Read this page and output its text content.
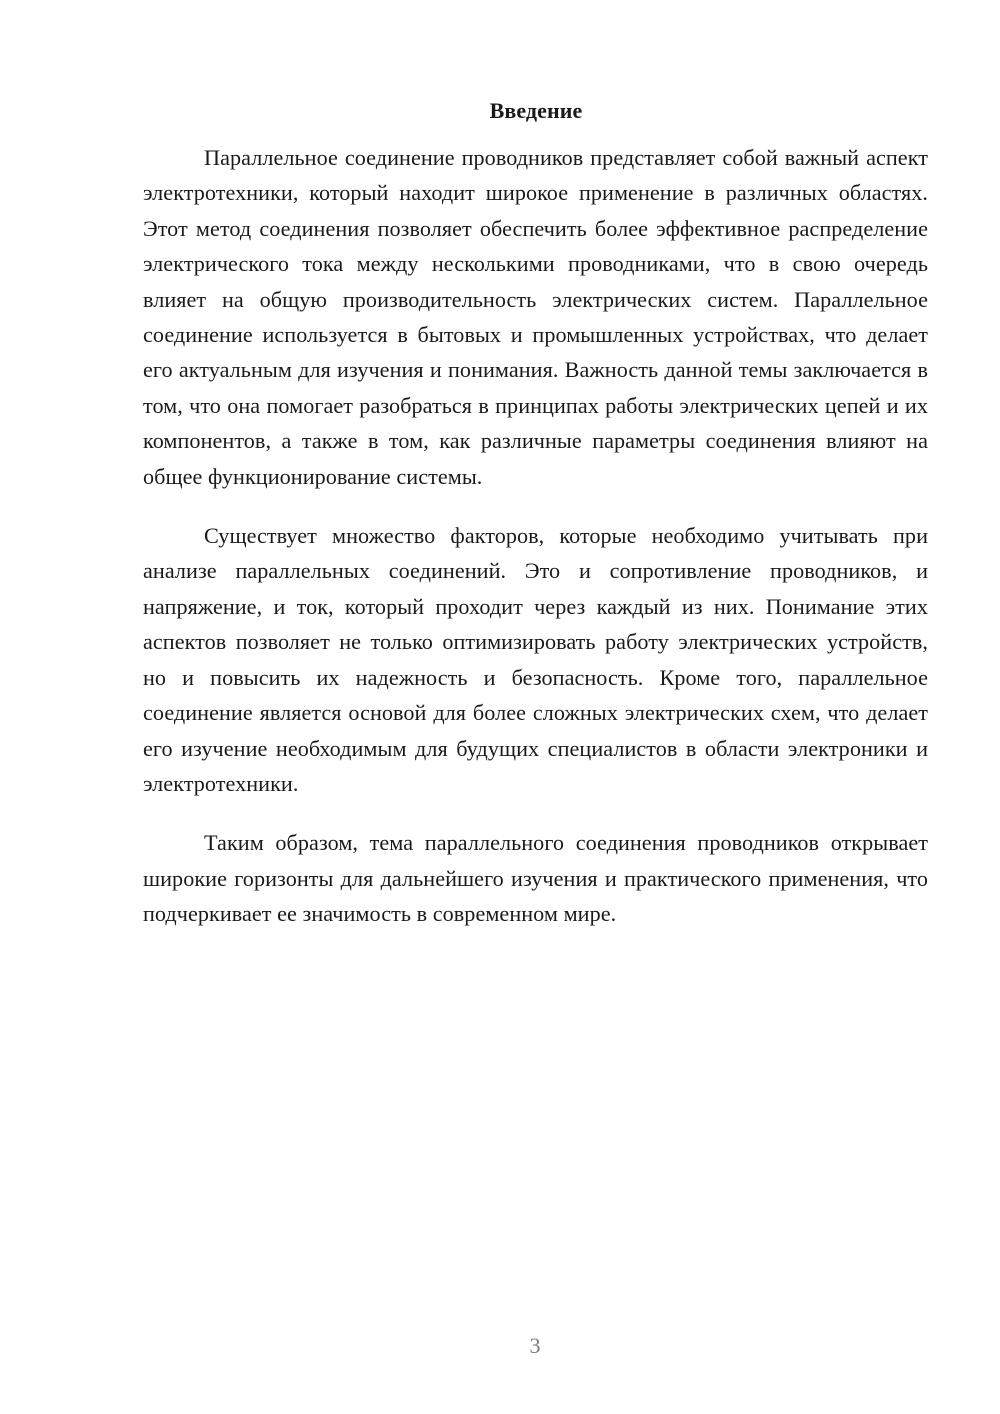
Введение

Параллельное соединение проводников представляет собой важный аспект электротехники, который находит широкое применение в различных областях. Этот метод соединения позволяет обеспечить более эффективное распределение электрического тока между несколькими проводниками, что в свою очередь влияет на общую производительность электрических систем. Параллельное соединение используется в бытовых и промышленных устройствах, что делает его актуальным для изучения и понимания. Важность данной темы заключается в том, что она помогает разобраться в принципах работы электрических цепей и их компонентов, а также в том, как различные параметры соединения влияют на общее функционирование системы.

Существует множество факторов, которые необходимо учитывать при анализе параллельных соединений. Это и сопротивление проводников, и напряжение, и ток, который проходит через каждый из них. Понимание этих аспектов позволяет не только оптимизировать работу электрических устройств, но и повысить их надежность и безопасность. Кроме того, параллельное соединение является основой для более сложных электрических схем, что делает его изучение необходимым для будущих специалистов в области электроники и электротехники.

Таким образом, тема параллельного соединения проводников открывает широкие горизонты для дальнейшего изучения и практического применения, что подчеркивает ее значимость в современном мире.

3
